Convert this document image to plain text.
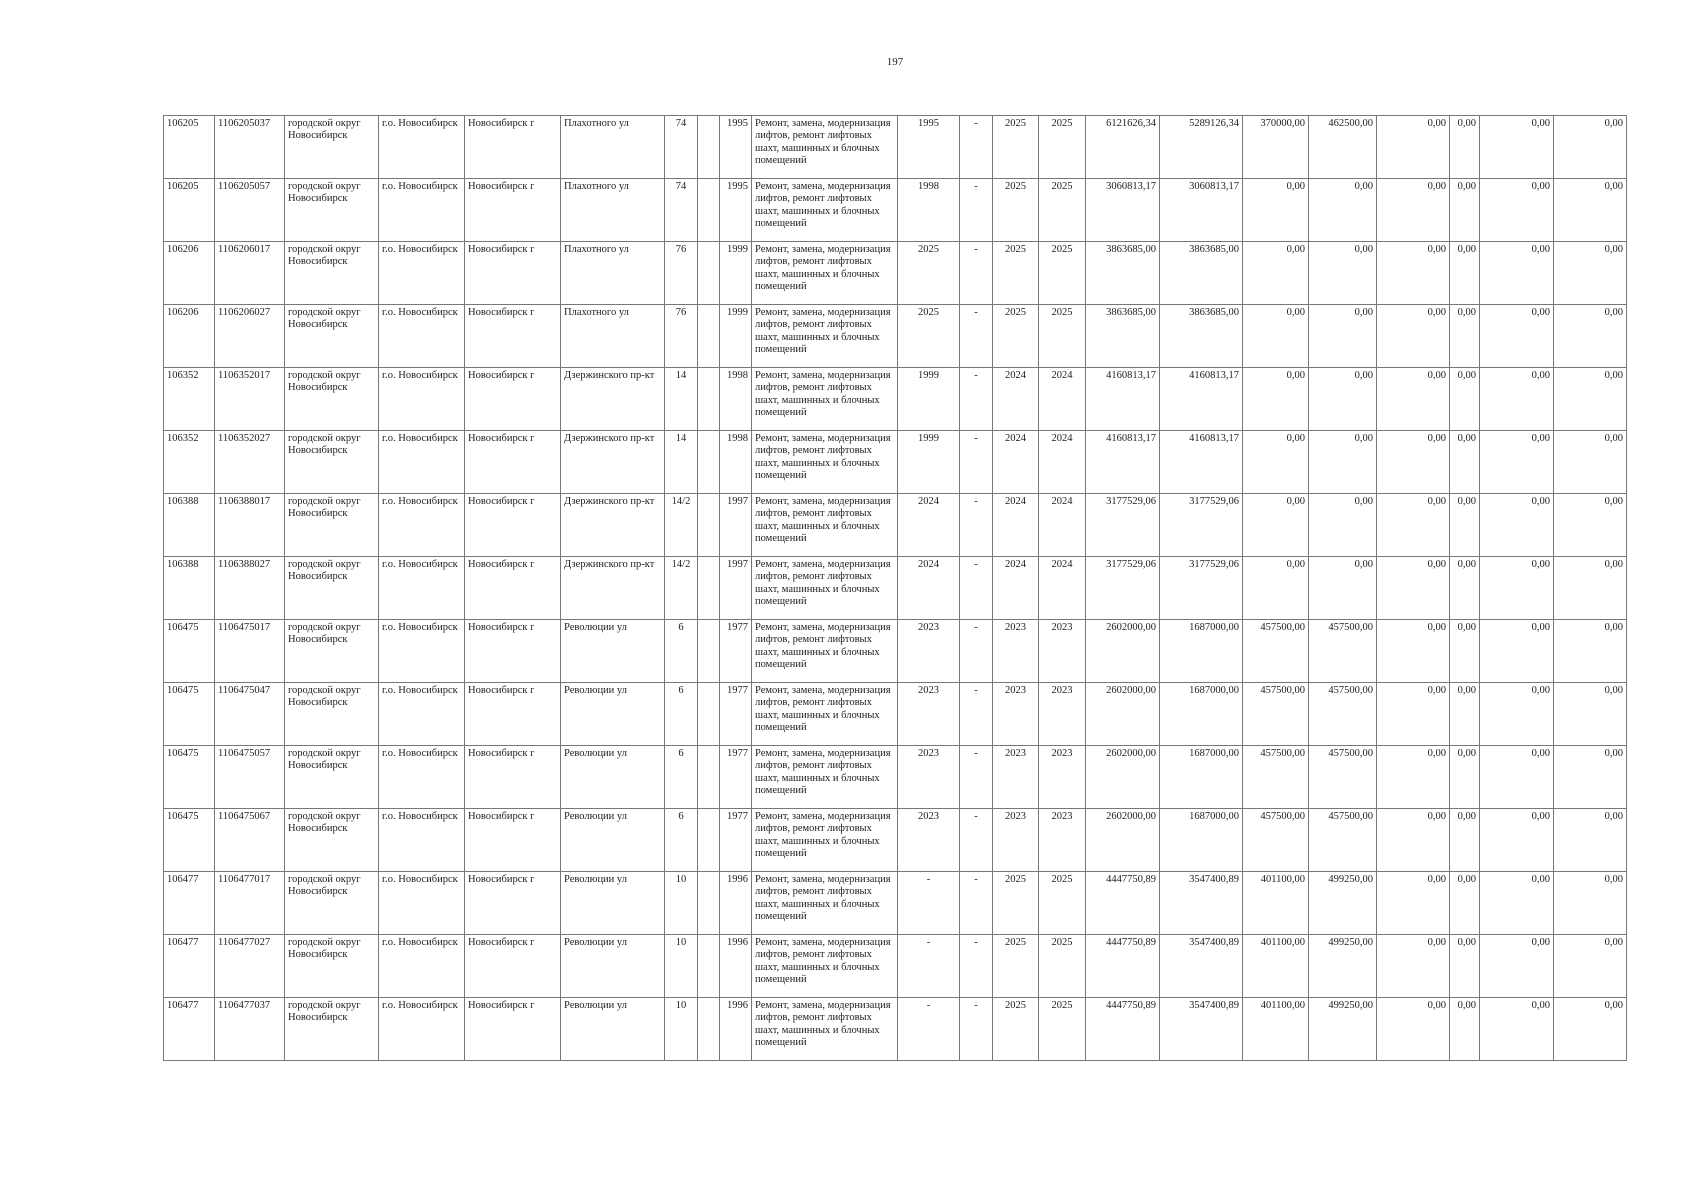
197
106205	1106205037	городской округ Новосибирск	г.о. Новосибирск	Новосибирск г	Плахотного ул	74		1995	Ремонт, замена, модернизация лифтов, ремонт лифтовых шахт, машинных и блочных помещений	1995	-	2025	2025	6121626,34	5289126,34	370000,00	462500,00	0,00	0,00	0,00	0,00
106205	1106205057	городской округ Новосибирск	г.о. Новосибирск	Новосибирск г	Плахотного ул	74		1995	Ремонт, замена, модернизация лифтов, ремонт лифтовых шахт, машинных и блочных помещений	1998	-	2025	2025	3060813,17	3060813,17	0,00	0,00	0,00	0,00	0,00	0,00
106206	1106206017	городской округ Новосибирск	г.о. Новосибирск	Новосибирск г	Плахотного ул	76		1999	Ремонт, замена, модернизация лифтов, ремонт лифтовых шахт, машинных и блочных помещений	2025	-	2025	2025	3863685,00	3863685,00	0,00	0,00	0,00	0,00	0,00	0,00
106206	1106206027	городской округ Новосибирск	г.о. Новосибирск	Новосибирск г	Плахотного ул	76		1999	Ремонт, замена, модернизация лифтов, ремонт лифтовых шахт, машинных и блочных помещений	2025	-	2025	2025	3863685,00	3863685,00	0,00	0,00	0,00	0,00	0,00	0,00
106352	1106352017	городской округ Новосибирск	г.о. Новосибирск	Новосибирск г	Дзержинского пр-кт	14		1998	Ремонт, замена, модернизация лифтов, ремонт лифтовых шахт, машинных и блочных помещений	1999	-	2024	2024	4160813,17	4160813,17	0,00	0,00	0,00	0,00	0,00	0,00
106352	1106352027	городской округ Новосибирск	г.о. Новосибирск	Новосибирск г	Дзержинского пр-кт	14		1998	Ремонт, замена, модернизация лифтов, ремонт лифтовых шахт, машинных и блочных помещений	1999	-	2024	2024	4160813,17	4160813,17	0,00	0,00	0,00	0,00	0,00	0,00
106388	1106388017	городской округ Новосибирск	г.о. Новосибирск	Новосибирск г	Дзержинского пр-кт	14/2		1997	Ремонт, замена, модернизация лифтов, ремонт лифтовых шахт, машинных и блочных помещений	2024	-	2024	2024	3177529,06	3177529,06	0,00	0,00	0,00	0,00	0,00	0,00
106388	1106388027	городской округ Новосибирск	г.о. Новосибирск	Новосибирск г	Дзержинского пр-кт	14/2		1997	Ремонт, замена, модернизация лифтов, ремонт лифтовых шахт, машинных и блочных помещений	2024	-	2024	2024	3177529,06	3177529,06	0,00	0,00	0,00	0,00	0,00	0,00
106475	1106475017	городской округ Новосибирск	г.о. Новосибирск	Новосибирск г	Революции ул	6		1977	Ремонт, замена, модернизация лифтов, ремонт лифтовых шахт, машинных и блочных помещений	2023	-	2023	2023	2602000,00	1687000,00	457500,00	457500,00	0,00	0,00	0,00	0,00
106475	1106475047	городской округ Новосибирск	г.о. Новосибирск	Новосибирск г	Революции ул	6		1977	Ремонт, замена, модернизация лифтов, ремонт лифтовых шахт, машинных и блочных помещений	2023	-	2023	2023	2602000,00	1687000,00	457500,00	457500,00	0,00	0,00	0,00	0,00
106475	1106475057	городской округ Новосибирск	г.о. Новосибирск	Новосибирск г	Революции ул	6		1977	Ремонт, замена, модернизация лифтов, ремонт лифтовых шахт, машинных и блочных помещений	2023	-	2023	2023	2602000,00	1687000,00	457500,00	457500,00	0,00	0,00	0,00	0,00
106475	1106475067	городской округ Новосибирск	г.о. Новосибирск	Новосибирск г	Революции ул	6		1977	Ремонт, замена, модернизация лифтов, ремонт лифтовых шахт, машинных и блочных помещений	2023	-	2023	2023	2602000,00	1687000,00	457500,00	457500,00	0,00	0,00	0,00	0,00
106477	1106477017	городской округ Новосибирск	г.о. Новосибирск	Новосибирск г	Революции ул	10		1996	Ремонт, замена, модернизация лифтов, ремонт лифтовых шахт, машинных и блочных помещений	-	-	2025	2025	4447750,89	3547400,89	401100,00	499250,00	0,00	0,00	0,00	0,00
106477	1106477027	городской округ Новосибирск	г.о. Новосибирск	Новосибирск г	Революции ул	10		1996	Ремонт, замена, модернизация лифтов, ремонт лифтовых шахт, машинных и блочных помещений	-	-	2025	2025	4447750,89	3547400,89	401100,00	499250,00	0,00	0,00	0,00	0,00
106477	1106477037	городской округ Новосибирск	г.о. Новосибирск	Новосибирск г	Революции ул	10		1996	Ремонт, замена, модернизация лифтов, ремонт лифтовых шахт, машинных и блочных помещений	-	-	2025	2025	4447750,89	3547400,89	401100,00	499250,00	0,00	0,00	0,00	0,00
